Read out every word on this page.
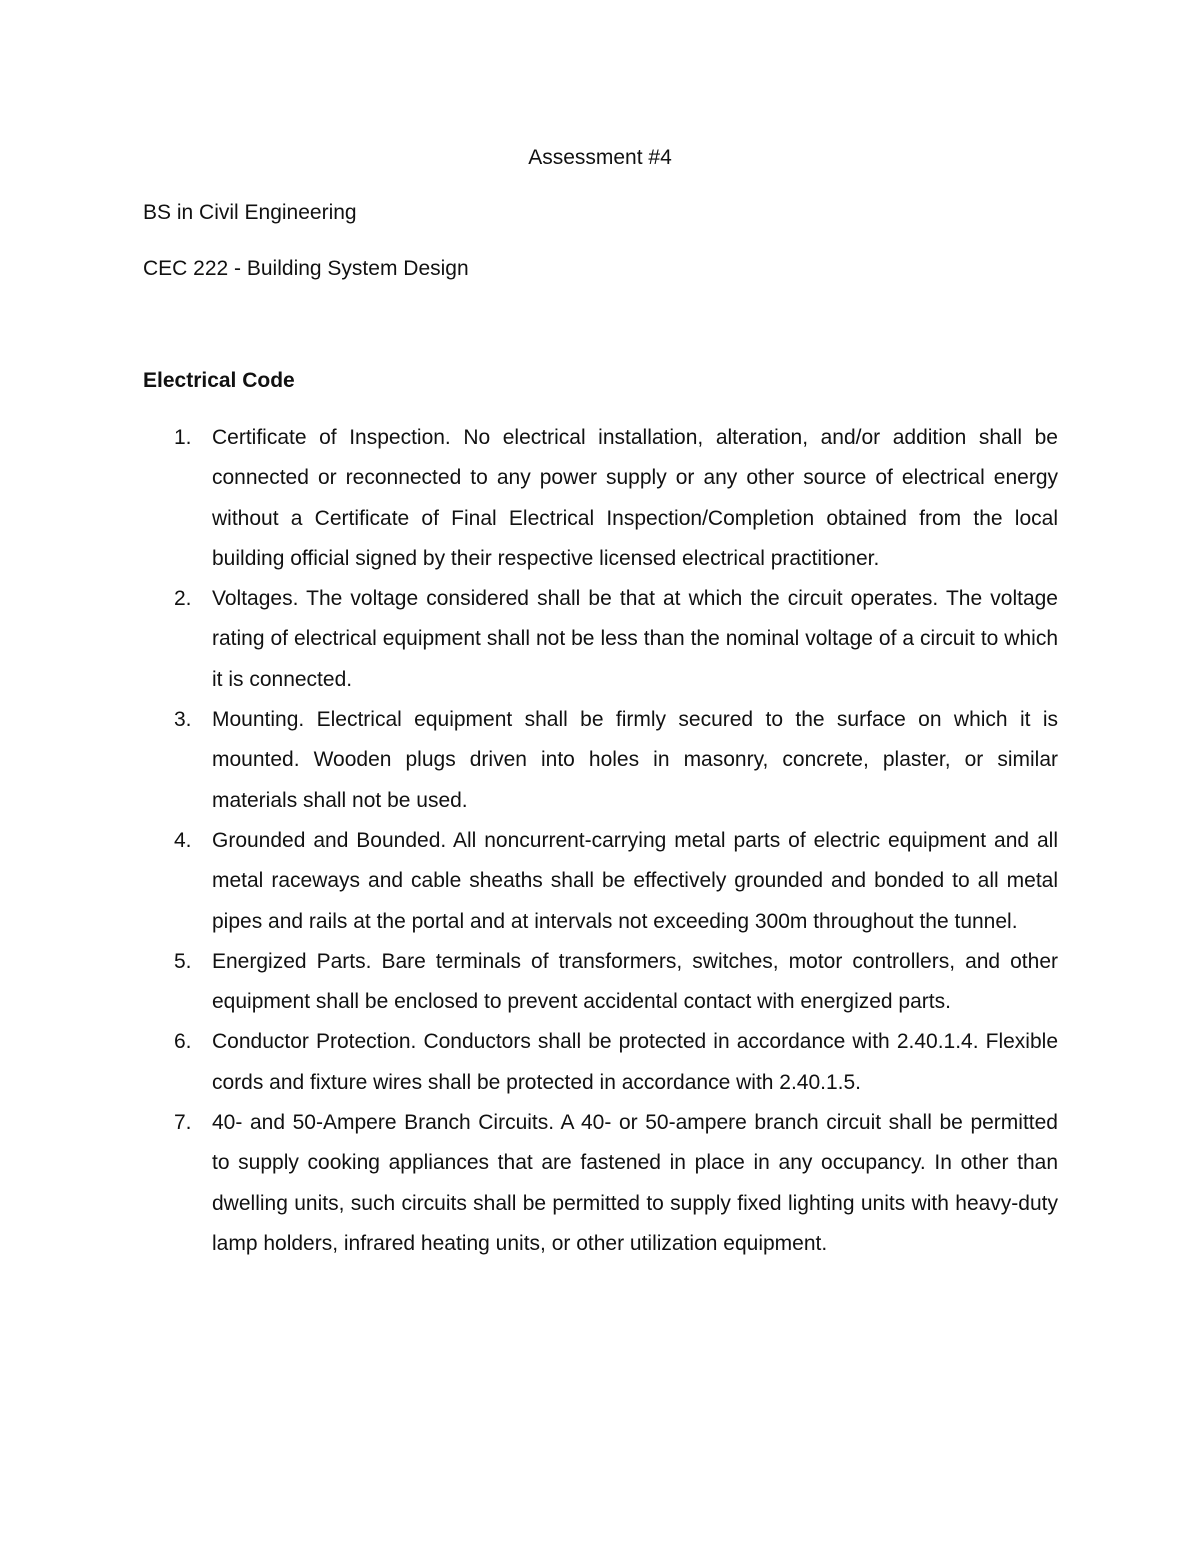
Assessment #4
BS in Civil Engineering
CEC 222 - Building System Design
Electrical Code
1. Certificate of Inspection. No electrical installation, alteration, and/or addition shall be connected or reconnected to any power supply or any other source of electrical energy without a Certificate of Final Electrical Inspection/Completion obtained from the local building official signed by their respective licensed electrical practitioner.
2. Voltages. The voltage considered shall be that at which the circuit operates. The voltage rating of electrical equipment shall not be less than the nominal voltage of a circuit to which it is connected.
3. Mounting. Electrical equipment shall be firmly secured to the surface on which it is mounted. Wooden plugs driven into holes in masonry, concrete, plaster, or similar materials shall not be used.
4. Grounded and Bounded. All noncurrent-carrying metal parts of electric equipment and all metal raceways and cable sheaths shall be effectively grounded and bonded to all metal pipes and rails at the portal and at intervals not exceeding 300m throughout the tunnel.
5. Energized Parts. Bare terminals of transformers, switches, motor controllers, and other equipment shall be enclosed to prevent accidental contact with energized parts.
6. Conductor Protection. Conductors shall be protected in accordance with 2.40.1.4. Flexible cords and fixture wires shall be protected in accordance with 2.40.1.5.
7. 40- and 50-Ampere Branch Circuits. A 40- or 50-ampere branch circuit shall be permitted to supply cooking appliances that are fastened in place in any occupancy. In other than dwelling units, such circuits shall be permitted to supply fixed lighting units with heavy-duty lamp holders, infrared heating units, or other utilization equipment.
